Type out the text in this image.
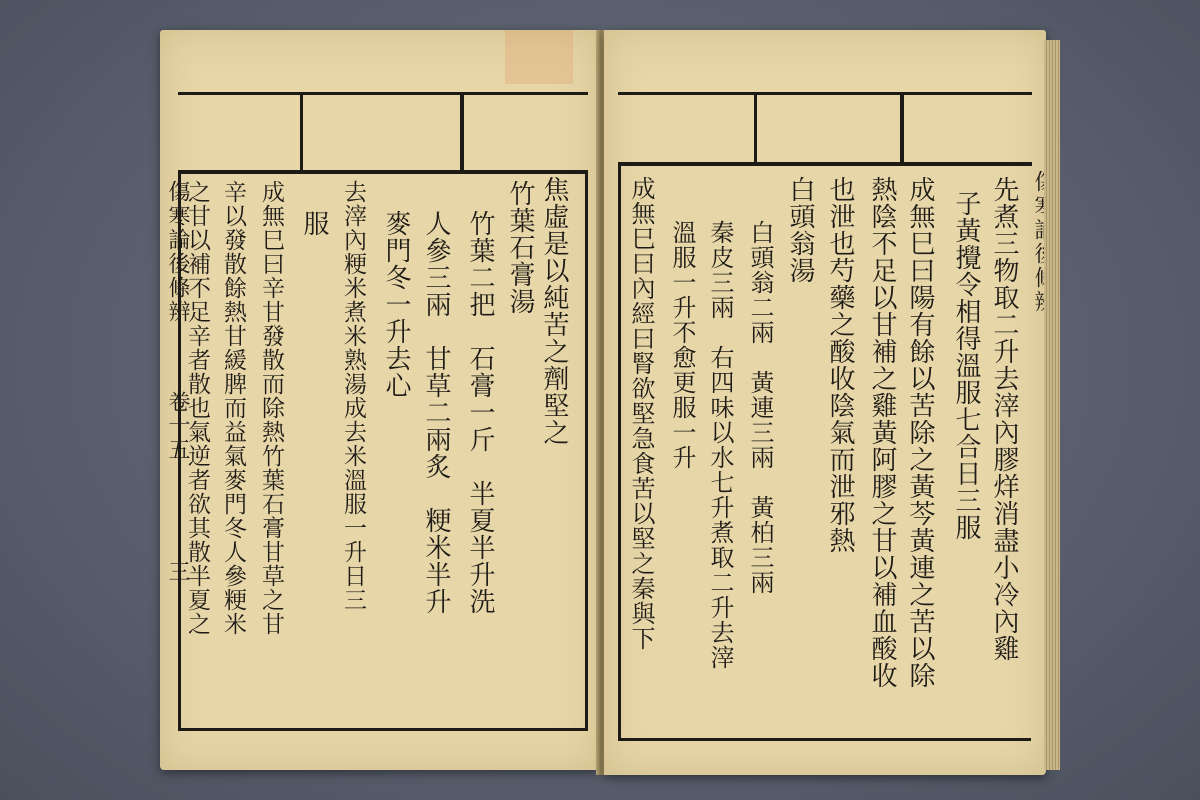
傷寒論後條辨
卷十五
三
焦虛是以純苦之劑堅之
竹葉石膏湯
竹葉二把　石膏一斤　半夏半升洗
人參三兩　甘草二兩炙　粳米半升
麥門冬一升去心
去滓內粳米煮米熟湯成去米溫服一升日三
服
成無巳曰辛甘發散而除熱竹葉石膏甘草之甘
辛以發散餘熱甘緩脾而益氣麥門冬人參粳米
之甘以補不足辛者散也氣逆者欲其散半夏之	先煮三物取二升去滓內膠烊消盡小冷內雞
子黃攪令相得溫服七合日三服
成無巳曰陽有餘以苦除之黃芩黃連之苦以除
熱陰不足以甘補之雞黃阿膠之甘以補血酸收
也泄也芍藥之酸收陰氣而泄邪熱
白頭翁湯
白頭翁二兩　黃連三兩　黃柏三兩
秦皮三兩　右四味以水七升煮取二升去滓
溫服一升不愈更服一升
成無巳曰內經曰腎欲堅急食苦以堅之秦與下
